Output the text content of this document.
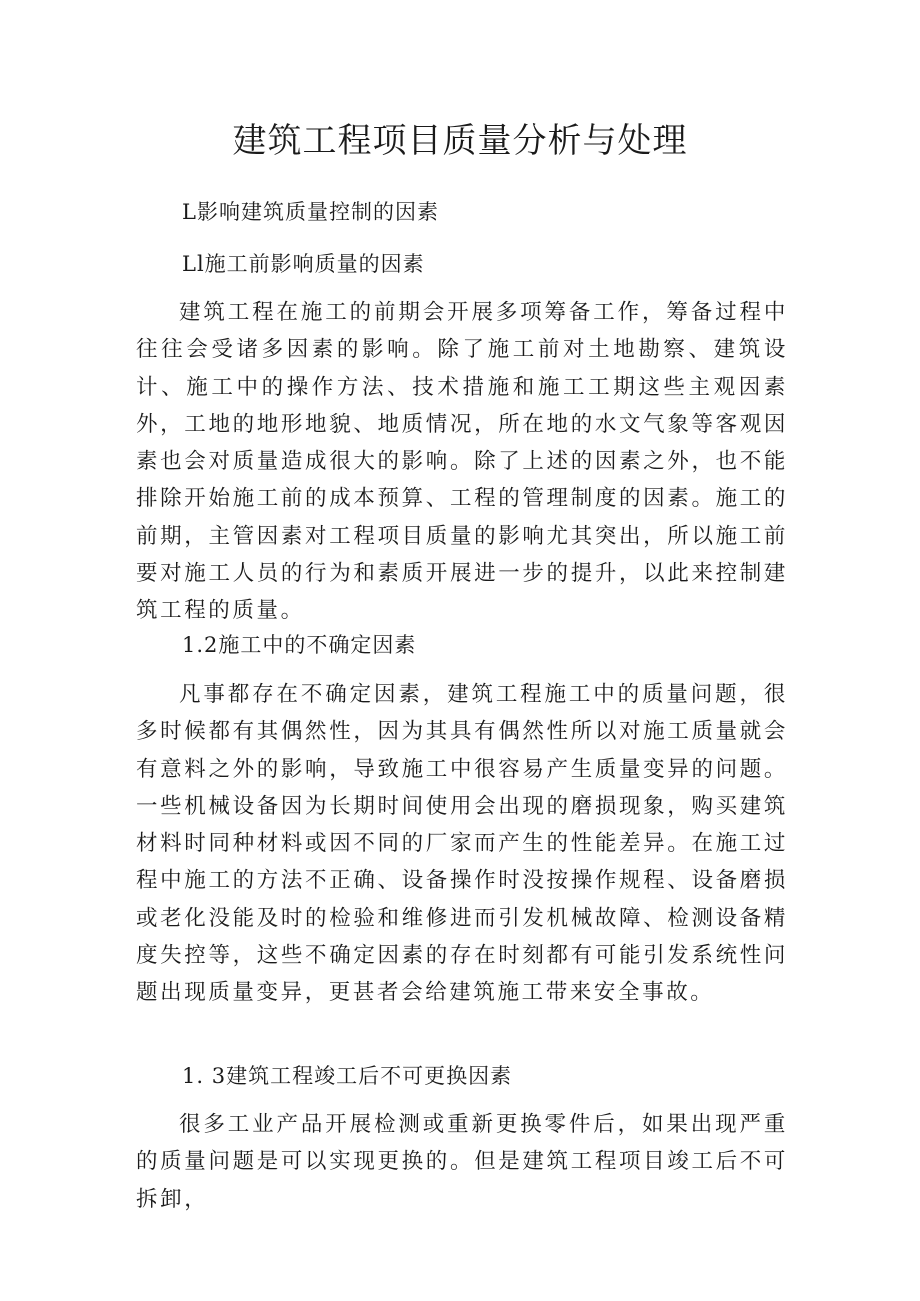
建筑工程项目质量分析与处理

L影响建筑质量控制的因素

Ll施工前影响质量的因素

建筑工程在施工的前期会开展多项筹备工作，筹备过程中往往会受诸多因素的影响。除了施工前对土地勘察、建筑设计、施工中的操作方法、技术措施和施工工期这些主观因素外，工地的地形地貌、地质情况，所在地的水文气象等客观因素也会对质量造成很大的影响。除了上述的因素之外，也不能排除开始施工前的成本预算、工程的管理制度的因素。施工的前期，主管因素对工程项目质量的影响尤其突出，所以施工前要对施工人员的行为和素质开展进一步的提升，以此来控制建筑工程的质量。

1.2施工中的不确定因素

凡事都存在不确定因素，建筑工程施工中的质量问题，很多时候都有其偶然性，因为其具有偶然性所以对施工质量就会有意料之外的影响，导致施工中很容易产生质量变异的问题。一些机械设备因为长期时间使用会出现的磨损现象，购买建筑材料时同种材料或因不同的厂家而产生的性能差异。在施工过程中施工的方法不正确、设备操作时没按操作规程、设备磨损或老化没能及时的检验和维修进而引发机械故障、检测设备精度失控等，这些不确定因素的存在时刻都有可能引发系统性问题出现质量变异，更甚者会给建筑施工带来安全事故。

1. 3建筑工程竣工后不可更换因素

很多工业产品开展检测或重新更换零件后，如果出现严重的质量问题是可以实现更换的。但是建筑工程项目竣工后不可拆卸，
